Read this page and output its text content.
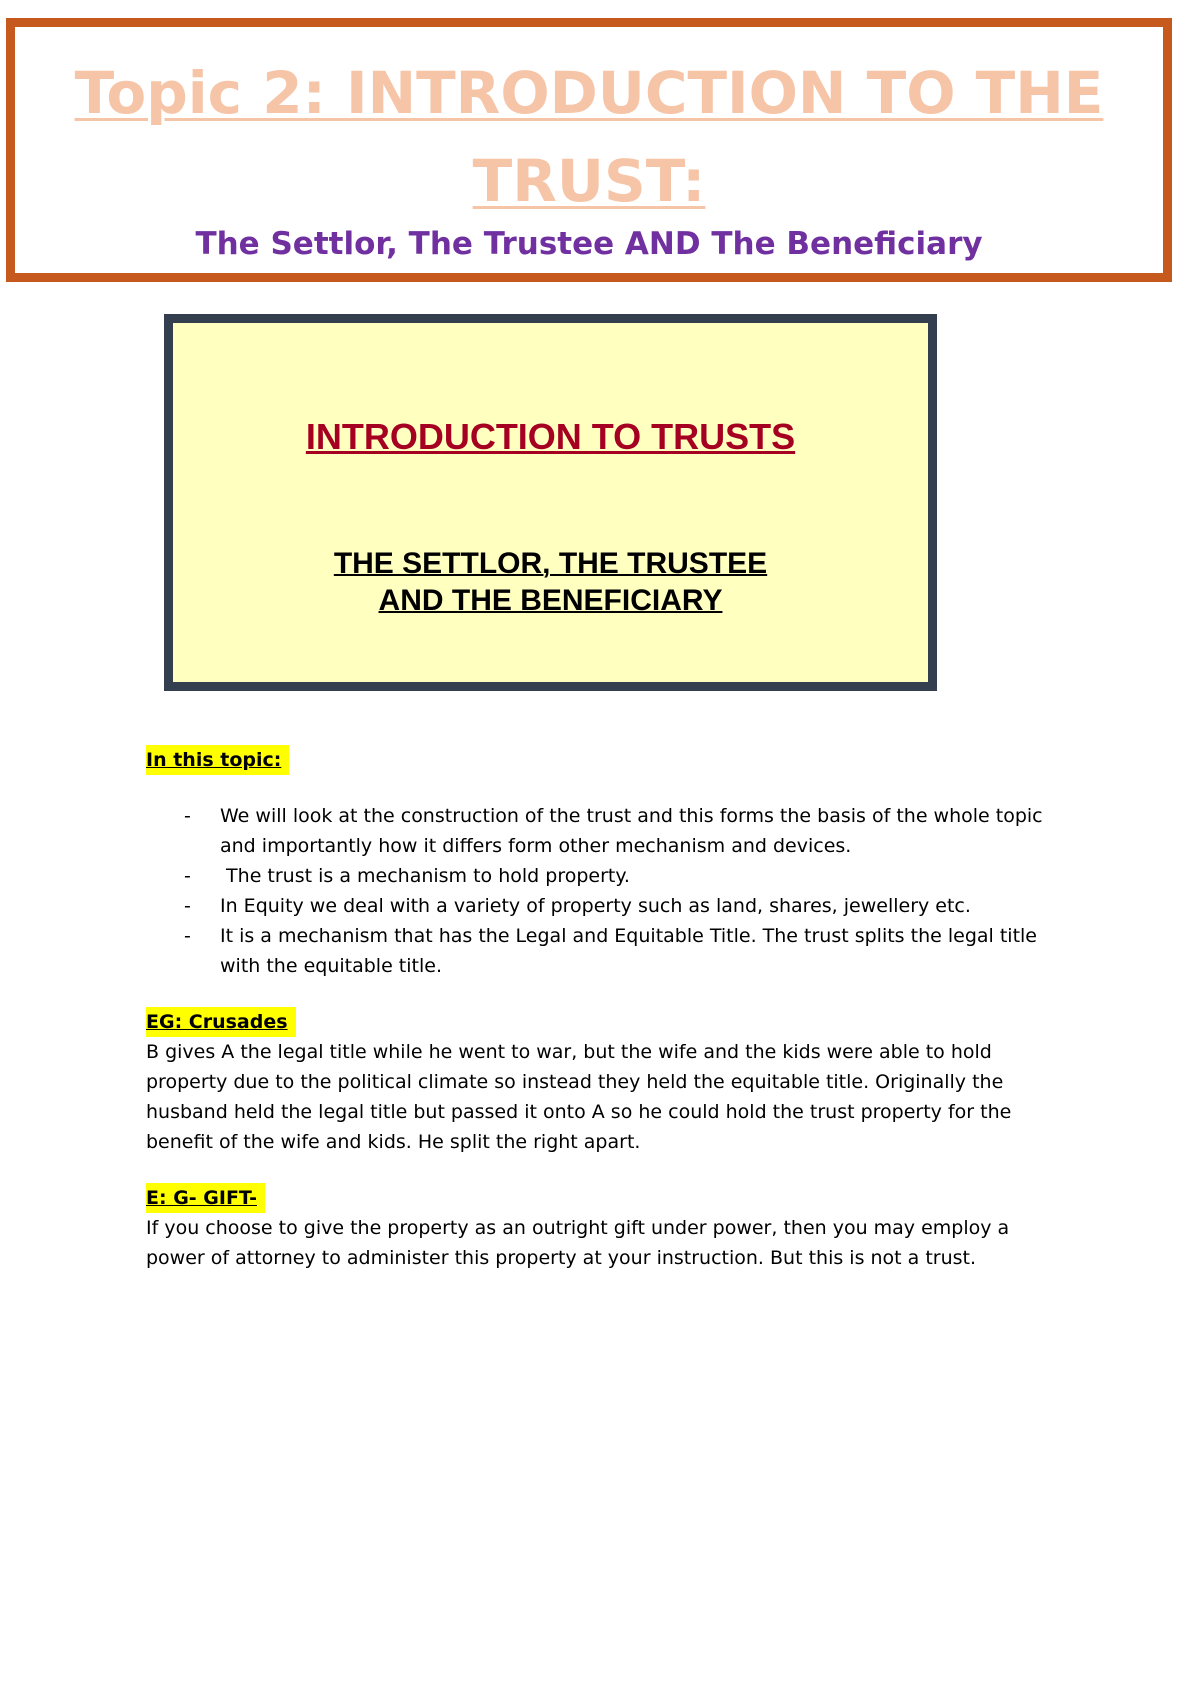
Topic 2: INTRODUCTION TO THE TRUST:

The Settlor, The Trustee AND The Beneficiary

INTRODUCTION TO TRUSTS

THE SETTLOR, THE TRUSTEE
AND THE BENEFICIARY
In this topic:
- We will look at the construction of the trust and this forms the basis of the whole topic and importantly how it differs form other mechanism and devices.
- The trust is a mechanism to hold property.
- In Equity we deal with a variety of property such as land, shares, jewellery etc.
- It is a mechanism that has the Legal and Equitable Title. The trust splits the legal title with the equitable title.
EG: Crusades

B gives A the legal title while he went to war, but the wife and the kids were able to hold property due to the political climate so instead they held the equitable title. Originally the husband held the legal title but passed it onto A so he could hold the trust property for the benefit of the wife and kids. He split the right apart.

E: G- GIFT-

If you choose to give the property as an outright gift under power, then you may employ a power of attorney to administer this property at your instruction. But this is not a trust.
